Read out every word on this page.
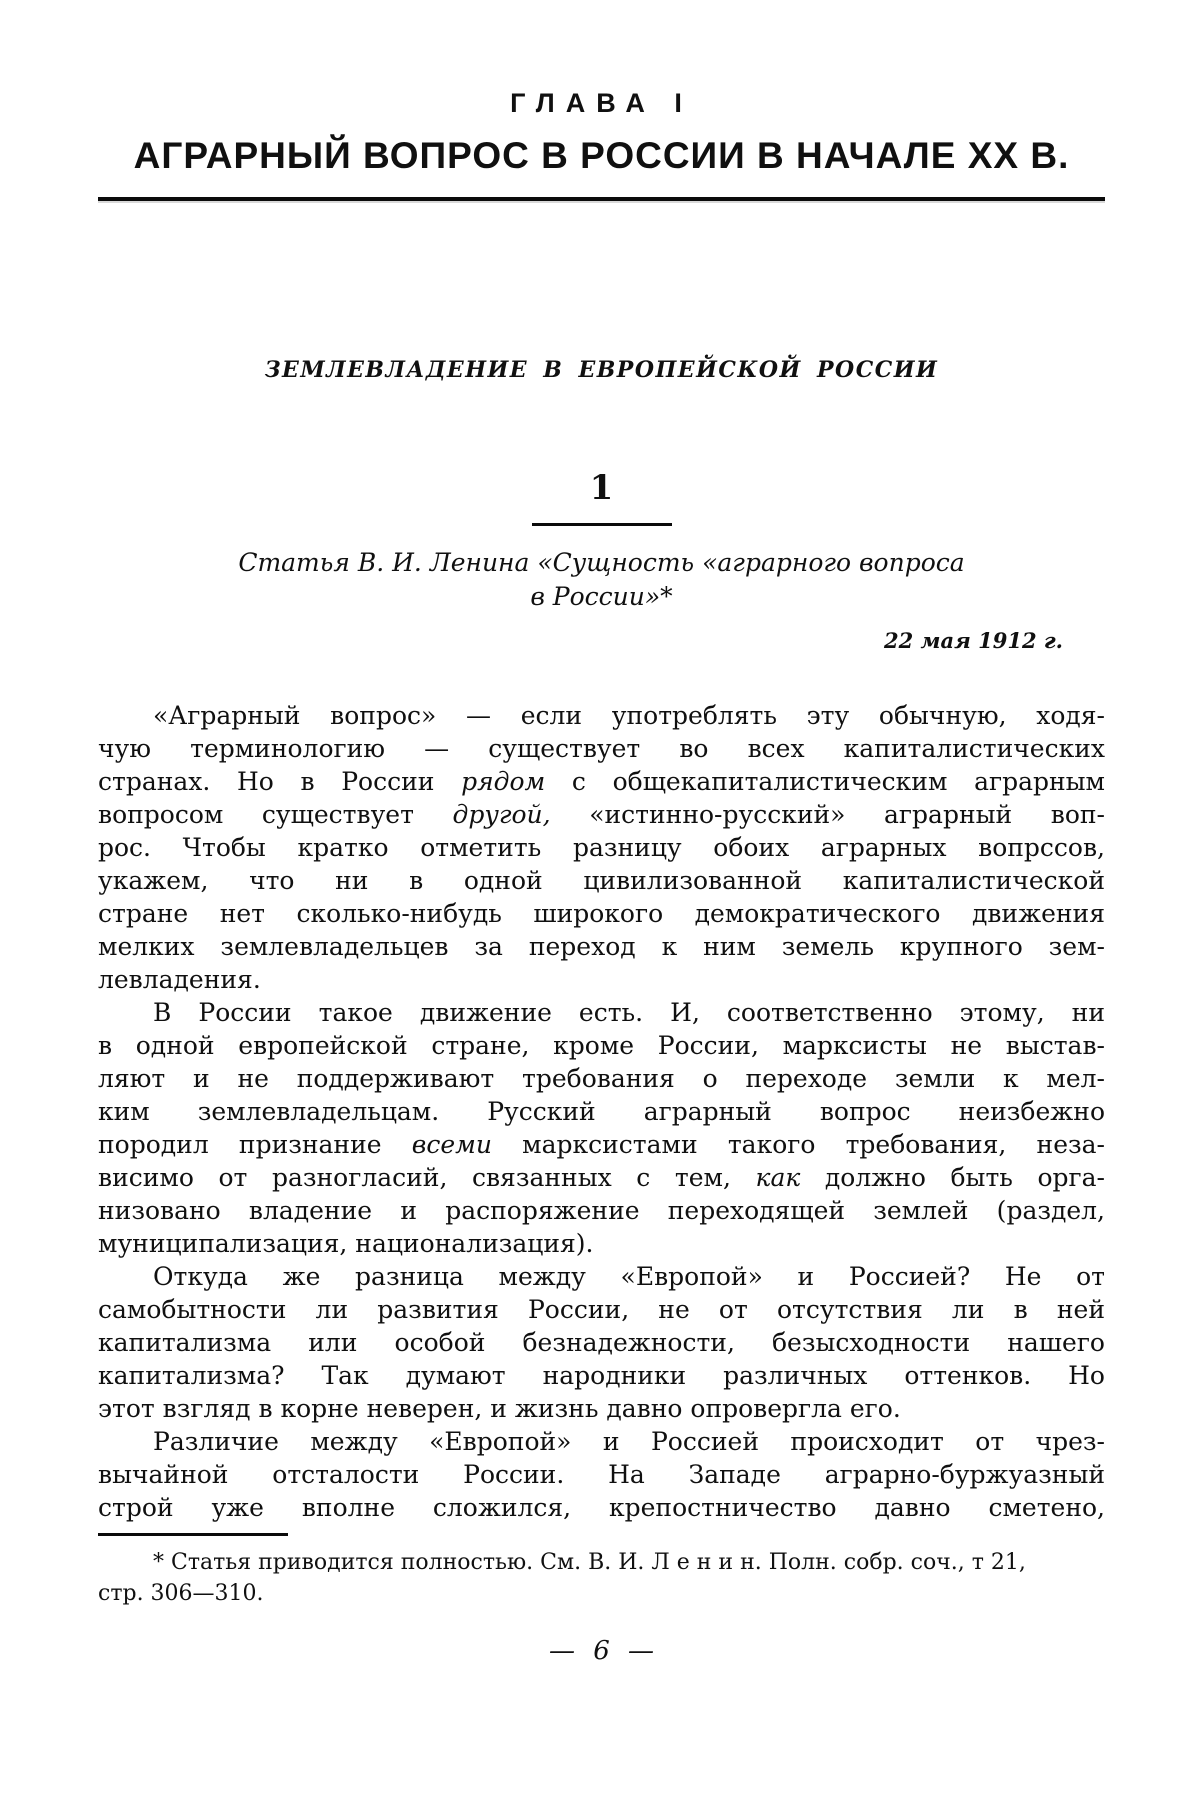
ГЛАВА I
АГРАРНЫЙ ВОПРОС В РОССИИ В НАЧАЛЕ XX В.
ЗЕМЛЕВЛАДЕНИЕ В ЕВРОПЕЙСКОЙ РОССИИ
1
Статья В. И. Ленина «Сущность «аграрного вопроса
в России»*
22 мая 1912 г.
«Аграрный вопрос» — если употреблять эту обычную, ходя-
чую терминологию — существует во всех капиталистических
странах. Но в России рядом с общекапиталистическим аграрным
вопросом существует другой, «истинно-русский» аграрный воп-
рос. Чтобы кратко отметить разницу обоих аграрных вопрссов,
укажем, что ни в одной цивилизованной капиталистической
стране нет сколько-нибудь широкого демократического движения
мелких землевладельцев за переход к ним земель крупного зем-
левладения.
В России такое движение есть. И, соответственно этому, ни
в одной европейской стране, кроме России, марксисты не выстав-
ляют и не поддерживают требования о переходе земли к мел-
ким землевладельцам. Русский аграрный вопрос неизбежно
породил признание всеми марксистами такого требования, неза-
висимо от разногласий, связанных с тем, как должно быть орга-
низовано владение и распоряжение переходящей землей (раздел,
муниципализация, национализация).
Откуда же разница между «Европой» и Россией? Не от
самобытности ли развития России, не от отсутствия ли в ней
капитализма или особой безнадежности, безысходности нашего
капитализма? Так думают народники различных оттенков. Но
этот взгляд в корне неверен, и жизнь давно опровергла его.
Различие между «Европой» и Россией происходит от чрез-
вычайной отсталости России. На Западе аграрно-буржуазный
строй уже вполне сложился, крепостничество давно сметено,
* Статья приводится полностью. См. В. И. Л е н и н. Полн. собр. соч., т 21,
стр. 306—310.
— 6 —
